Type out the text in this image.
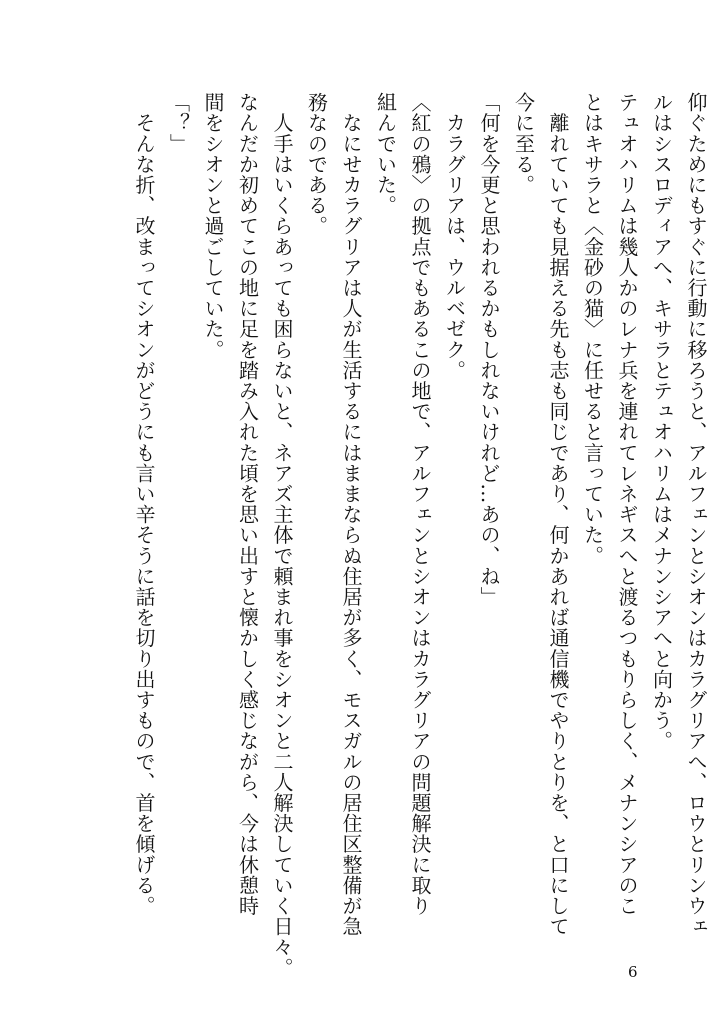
仰ぐためにもすぐに行動に移ろうと、アルフェンとシオンはカラグリアへ、ロウとリンウェ
ルはシスロディアへ、キサラとテュオハリムはメナンシアへと向かう。
テュオハリムは幾人かのレナ兵を連れてレネギスへと渡るつもりらしく、メナンシアのこ
とはキサラと〈金砂の猫〉に任せると言っていた。
　離れていても見据える先も志も同じであり、何かあれば通信機でやりとりを、と口にして
今に至る。
「何を今更と思われるかもしれないけれど…あの、ね」
　カラグリアは、ウルベゼク。
〈紅の鴉〉の拠点でもあるこの地で、アルフェンとシオンはカラグリアの問題解決に取り
組んでいた。
　なにせカラグリアは人が生活するにはままならぬ住居が多く、モスガルの居住区整備が急
務なのである。
　人手はいくらあっても困らないと、ネアズ主体で頼まれ事をシオンと二人解決していく日々。
なんだか初めてこの地に足を踏み入れた頃を思い出すと懐かしく感じながら、今は休憩時
間をシオンと過ごしていた。
「？」
　そんな折、改まってシオンがどうにも言い辛そうに話を切り出すもので、首を傾げる。
6
